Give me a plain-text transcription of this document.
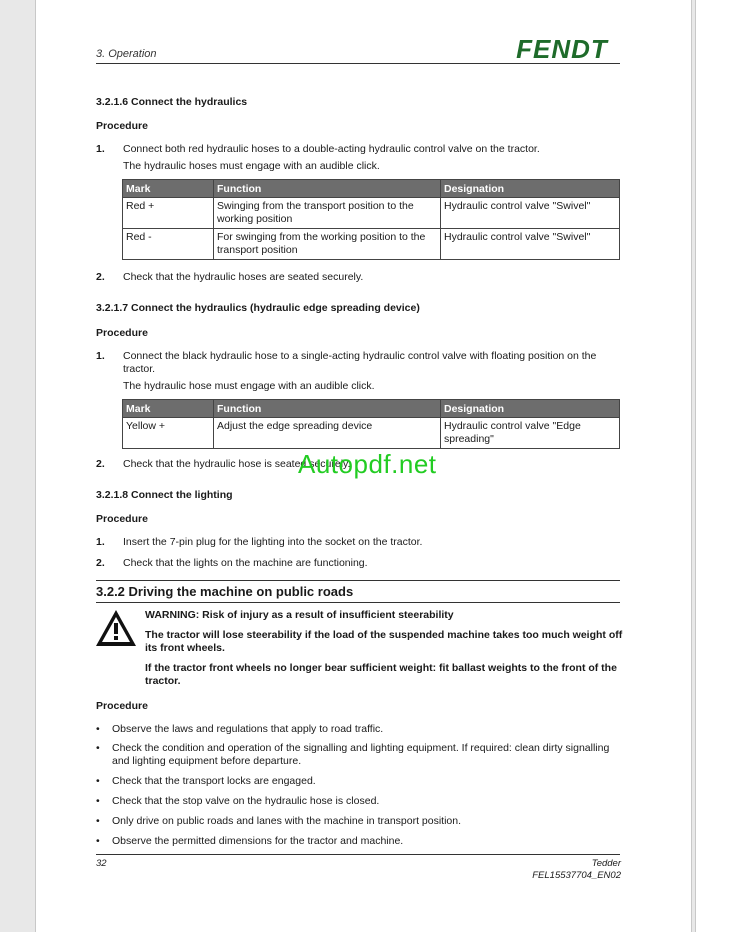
3. Operation	FENDT
3.2.1.6 Connect the hydraulics
Procedure
1. Connect both red hydraulic hoses to a double-acting hydraulic control valve on the tractor.
The hydraulic hoses must engage with an audible click.
Mark	Function	Designation
Red +	Swinging from the transport position to the working position	Hydraulic control valve "Swivel"
Red -	For swinging from the working position to the transport position	Hydraulic control valve "Swivel"
2. Check that the hydraulic hoses are seated securely.
3.2.1.7 Connect the hydraulics (hydraulic edge spreading device)
Procedure
1. Connect the black hydraulic hose to a single-acting hydraulic control valve with floating position on the tractor.
The hydraulic hose must engage with an audible click.
Mark	Function	Designation
Yellow +	Adjust the edge spreading device	Hydraulic control valve "Edge spreading"
2. Check that the hydraulic hose is seated securely.
3.2.1.8 Connect the lighting
Procedure
1. Insert the 7-pin plug for the lighting into the socket on the tractor.
2. Check that the lights on the machine are functioning.
3.2.2 Driving the machine on public roads
WARNING: Risk of injury as a result of insufficient steerability
The tractor will lose steerability if the load of the suspended machine takes too much weight off its front wheels.
If the tractor front wheels no longer bear sufficient weight: fit ballast weights to the front of the tractor.
Procedure
• Observe the laws and regulations that apply to road traffic.
• Check the condition and operation of the signalling and lighting equipment. If required: clean dirty signalling and lighting equipment before departure.
• Check that the transport locks are engaged.
• Check that the stop valve on the hydraulic hose is closed.
• Only drive on public roads and lanes with the machine in transport position.
• Observe the permitted dimensions for the tractor and machine.
32	Tedder
FEL15537704_EN02
Autopdf.net
